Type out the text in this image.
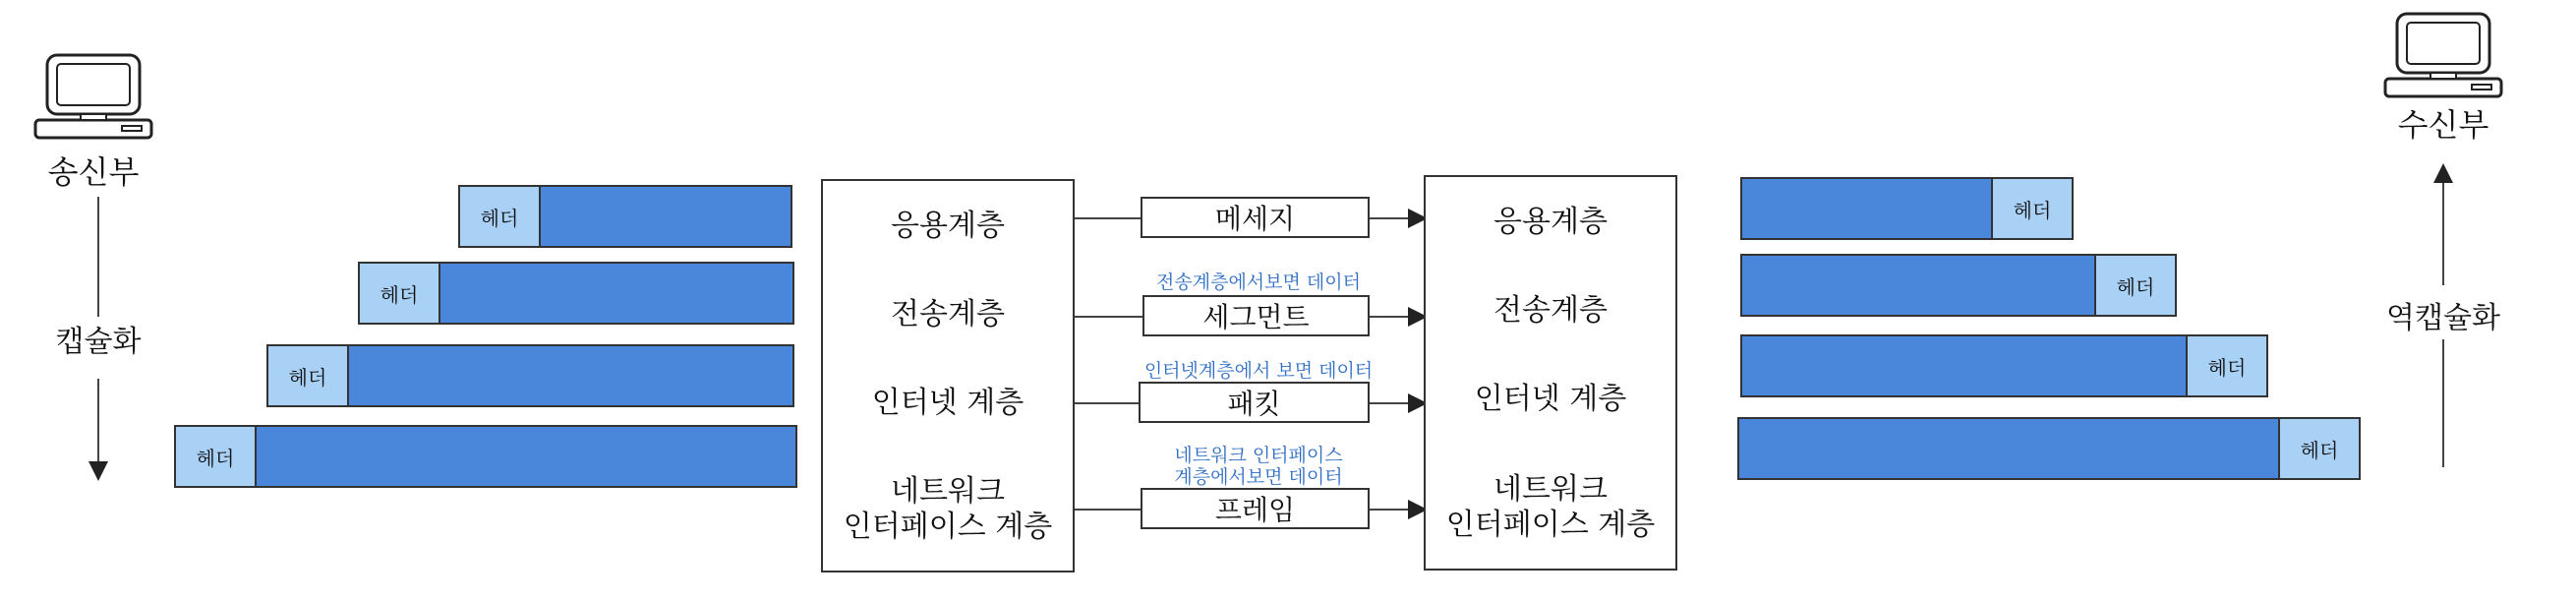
송신부
수신부
캡슐화
역캡슐화
헤더
헤더
헤더
헤더
응용계층
전송계층
인터넷 계층
네트워크
인터페이스 계층
메세지
전송계층에서보면 데이터
세그먼트
인터넷계층에서 보면 데이터
패킷
네트워크 인터페이스
계층에서보면 데이터
프레임
응용계층
전송계층
인터넷 계층
네트워크
인터페이스 계층
헤더
헤더
헤더
헤더
